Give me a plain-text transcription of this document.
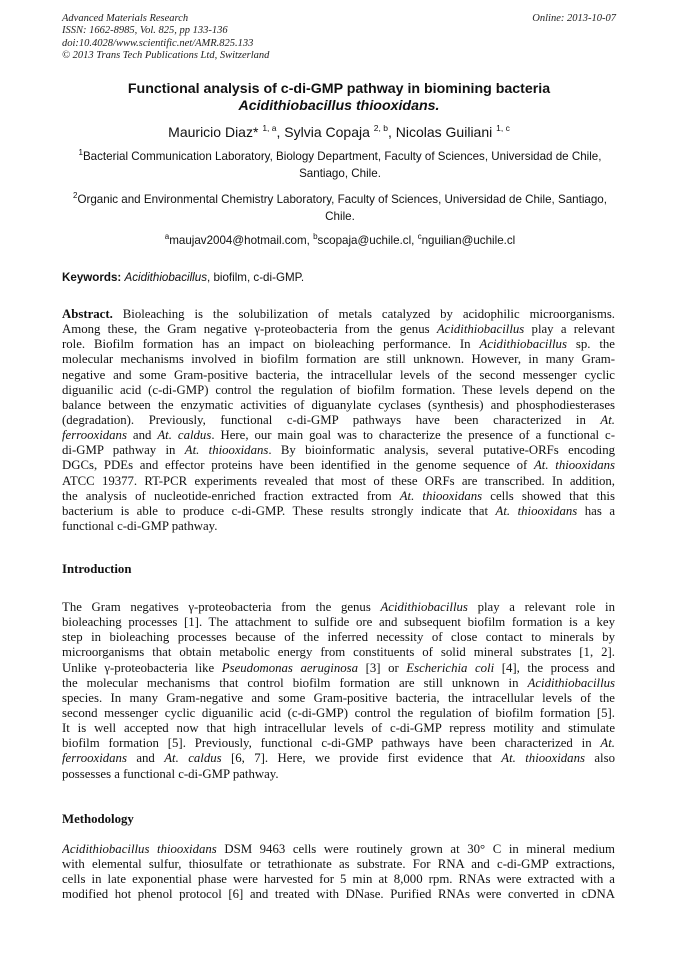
Advanced Materials Research
ISSN: 1662-8985, Vol. 825, pp 133-136
doi:10.4028/www.scientific.net/AMR.825.133
© 2013 Trans Tech Publications Ltd, Switzerland
Online: 2013-10-07
Functional analysis of c-di-GMP pathway in biomining bacteria
Acidithiobacillus thiooxidans.
Mauricio Diaz* $^{1, a}$, Sylvia Copaja $^{2, b}$, Nicolas Guiliani $^{1, c}$
$^1$Bacterial Communication Laboratory, Biology Department, Faculty of Sciences, Universidad de Chile, Santiago, Chile.
$^2$Organic and Environmental Chemistry Laboratory, Faculty of Sciences, Universidad de Chile, Santiago, Chile.
$^a$maujav2004@hotmail.com, $^b$scopaja@uchile.cl, $^c$nguilian@uchile.cl
Keywords: Acidithiobacillus, biofilm, c-di-GMP.
Abstract. Bioleaching is the solubilization of metals catalyzed by acidophilic microorganisms.
Among these, the Gram negative γ-proteobacteria from the genus Acidithiobacillus play a relevant
role. Biofilm formation has an impact on bioleaching performance. In Acidithiobacillus sp. the
molecular mechanisms involved in biofilm formation are still unknown. However, in many Gram-
negative and some Gram-positive bacteria, the intracellular levels of the second messenger cyclic
diguanilic acid (c-di-GMP) control the regulation of biofilm formation. These levels depend on the
balance between the enzymatic activities of diguanylate cyclases (synthesis) and phosphodiesterases
(degradation). Previously, functional c-di-GMP pathways have been characterized in At.
ferrooxidans and At. caldus. Here, our main goal was to characterize the presence of a functional c-
di-GMP pathway in At. thiooxidans. By bioinformatic analysis, several putative-ORFs encoding
DGCs, PDEs and effector proteins have been identified in the genome sequence of At. thiooxidans
ATCC 19377. RT-PCR experiments revealed that most of these ORFs are transcribed. In addition,
the analysis of nucleotide-enriched fraction extracted from At. thiooxidans cells showed that this
bacterium is able to produce c-di-GMP. These results strongly indicate that At. thiooxidans has a
functional c-di-GMP pathway.
Introduction
The Gram negatives γ-proteobacteria from the genus Acidithiobacillus play a relevant role in
bioleaching processes [1]. The attachment to sulfide ore and subsequent biofilm formation is a key
step in bioleaching processes because of the inferred necessity of close contact to minerals by
microorganisms that obtain metabolic energy from constituents of solid mineral substrates [1, 2].
Unlike γ-proteobacteria like Pseudomonas aeruginosa [3] or Escherichia coli [4], the process and
the molecular mechanisms that control biofilm formation are still unknown in Acidithiobacillus
species. In many Gram-negative and some Gram-positive bacteria, the intracellular levels of the
second messenger cyclic diguanilic acid (c-di-GMP) control the regulation of biofilm formation [5].
It is well accepted now that high intracellular levels of c-di-GMP repress motility and stimulate
biofilm formation [5]. Previously, functional c-di-GMP pathways have been characterized in At.
ferrooxidans and At. caldus [6, 7]. Here, we provide first evidence that At. thiooxidans also
possesses a functional c-di-GMP pathway.
Methodology
Acidithiobacillus thiooxidans DSM 9463 cells were routinely grown at 30° C in mineral medium
with elemental sulfur, thiosulfate or tetrathionate as substrate. For RNA and c-di-GMP extractions,
cells in late exponential phase were harvested for 5 min at 8,000 rpm. RNAs were extracted with a
modified hot phenol protocol [6] and treated with DNase. Purified RNAs were converted in cDNA
